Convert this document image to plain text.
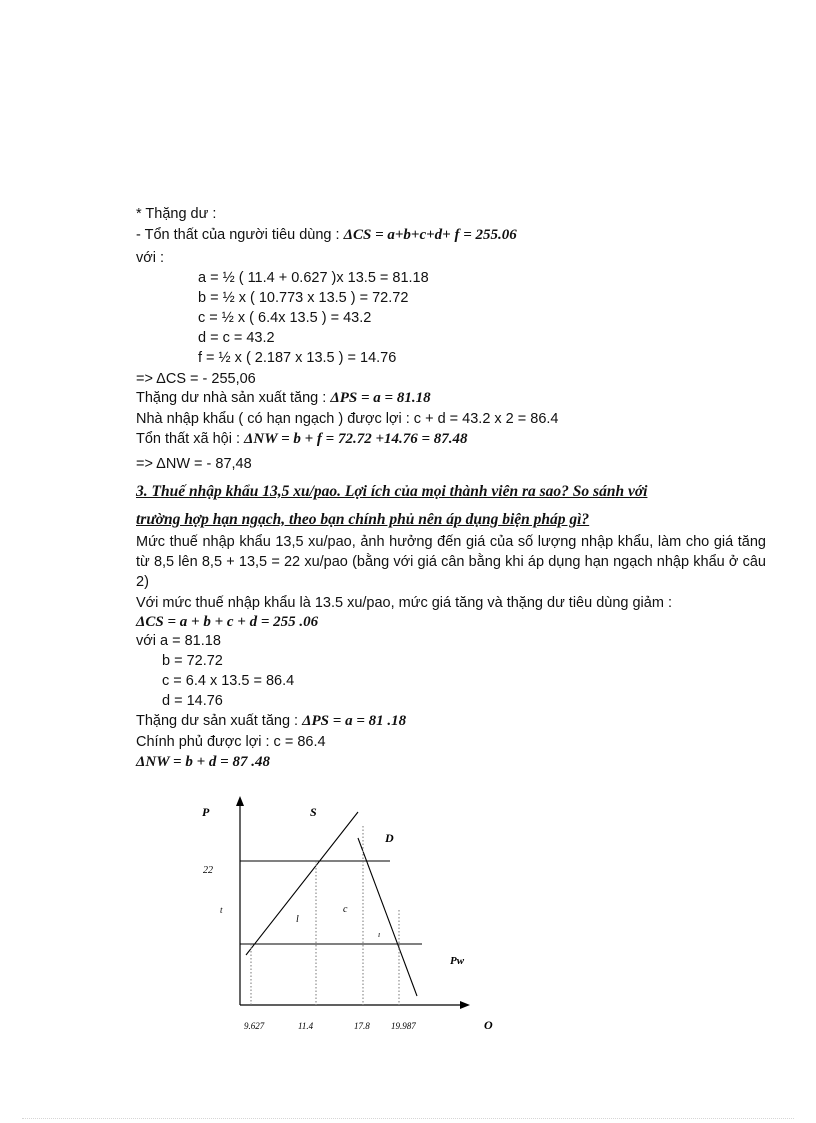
* Thặng dư :
- Tổn thất của người tiêu dùng : ΔCS = a+b+c+d+ f = 255.06
với :
a = ½ ( 11.4 + 0.627 )x 13.5 = 81.18
b = ½ x ( 10.773 x 13.5 ) = 72.72
c = ½ x ( 6.4x 13.5 ) = 43.2
d = c = 43.2
f = ½ x ( 2.187 x 13.5 ) = 14.76
=> ΔCS = - 255,06
Thặng dư nhà sản xuất tăng : ΔPS = a = 81.18
Nhà nhập khẩu ( có hạn ngạch ) được lợi : c + d = 43.2 x 2 = 86.4
Tổn thất xã hội : ΔNW = b + f = 72.72 +14.76 = 87.48
=> ΔNW = - 87,48
3. Thuế nhập khẩu 13,5 xu/pao. Lợi ích của mọi thành viên ra sao? So sánh với
trường hợp hạn ngạch, theo bạn chính phủ nên áp dụng biện pháp gì?
Mức thuế nhập khẩu 13,5 xu/pao, ảnh hưởng đến giá của số lượng nhập khẩu, làm cho giá tăng từ 8,5 lên 8,5 + 13,5 = 22 xu/pao (bằng với giá cân bằng khi áp dụng hạn ngạch nhập khẩu ở câu 2)
Với mức thuế nhập khẩu là 13.5 xu/pao, mức giá tăng và thặng dư tiêu dùng giảm :
ΔCS = a + b + c + d = 255 .06
với a = 81.18
b = 72.72
c = 6.4 x 13.5 = 86.4
d = 14.76
Thặng dư sản xuất tăng : ΔPS = a = 81 .18
Chính phủ được lợi : c = 86.4
ΔNW = b + d = 87 .48
P	S
D
22
Pw
O
t
l
c
ı
9.627	11.4	17.8 19.987
